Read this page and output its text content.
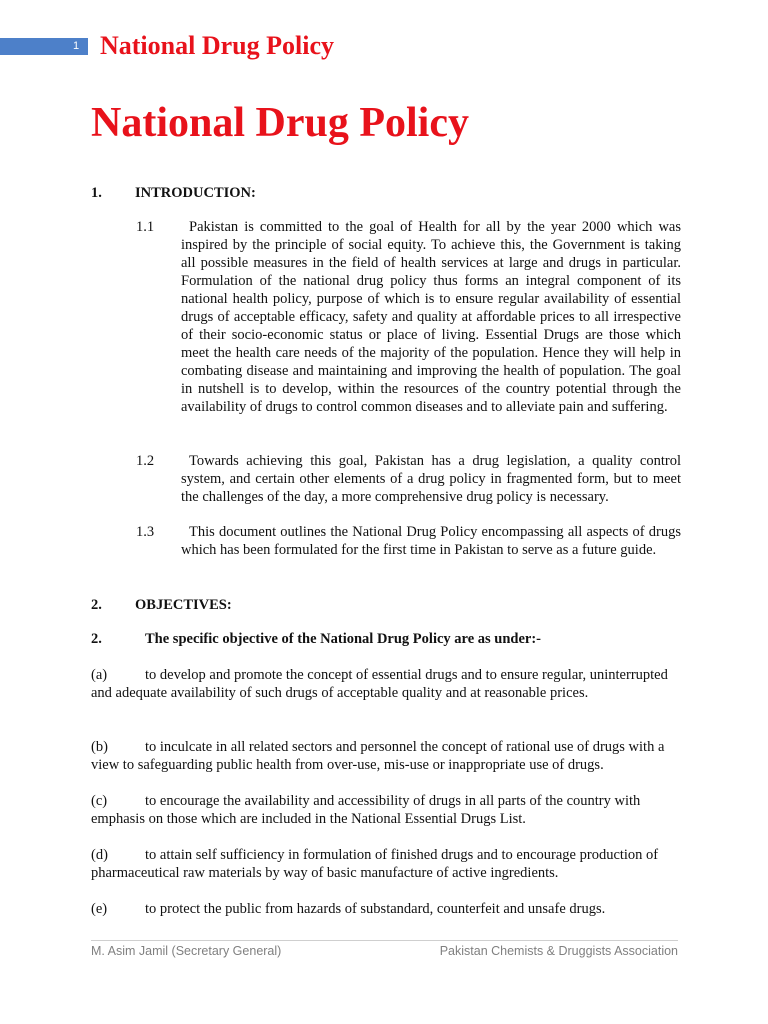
1 National Drug Policy
National Drug Policy
1. INTRODUCTION:
1.1	Pakistan is committed to the goal of Health for all by the year 2000 which was inspired by the principle of social equity. To achieve this, the Government is taking all possible measures in the field of health services at large and drugs in particular. Formulation of the national drug policy thus forms an integral component of its national health policy, purpose of which is to ensure regular availability of essential drugs of acceptable efficacy, safety and quality at affordable prices to all irrespective of their socio-economic status or place of living. Essential Drugs are those which meet the health care needs of the majority of the population. Hence they will help in combating disease and maintaining and improving the health of population. The goal in nutshell is to develop, within the resources of the country potential through the availability of drugs to control common diseases and to alleviate pain and suffering.
1.2	Towards achieving this goal, Pakistan has a drug legislation, a quality control system, and certain other elements of a drug policy in fragmented form, but to meet the challenges of the day, a more comprehensive drug policy is necessary.
1.3	This document outlines the National Drug Policy encompassing all aspects of drugs which has been formulated for the first time in Pakistan to serve as a future guide.
2. OBJECTIVES:
2.	The specific objective of the National Drug Policy are as under:-
(a)	to develop and promote the concept of essential drugs and to ensure regular, uninterrupted and adequate availability of such drugs of acceptable quality and at reasonable prices.
(b)	to inculcate in all related sectors and personnel the concept of rational use of drugs with a view to safeguarding public health from over-use, mis-use or inappropriate use of drugs.
(c)	to encourage the availability and accessibility of drugs in all parts of the country with emphasis on those which are included in the National Essential Drugs List.
(d)	to attain self sufficiency in formulation of finished drugs and to encourage production of pharmaceutical raw materials by way of basic manufacture of active ingredients.
(e)	to protect the public from hazards of substandard, counterfeit and unsafe drugs.
M. Asim Jamil (Secretary General)	Pakistan Chemists & Druggists Association
